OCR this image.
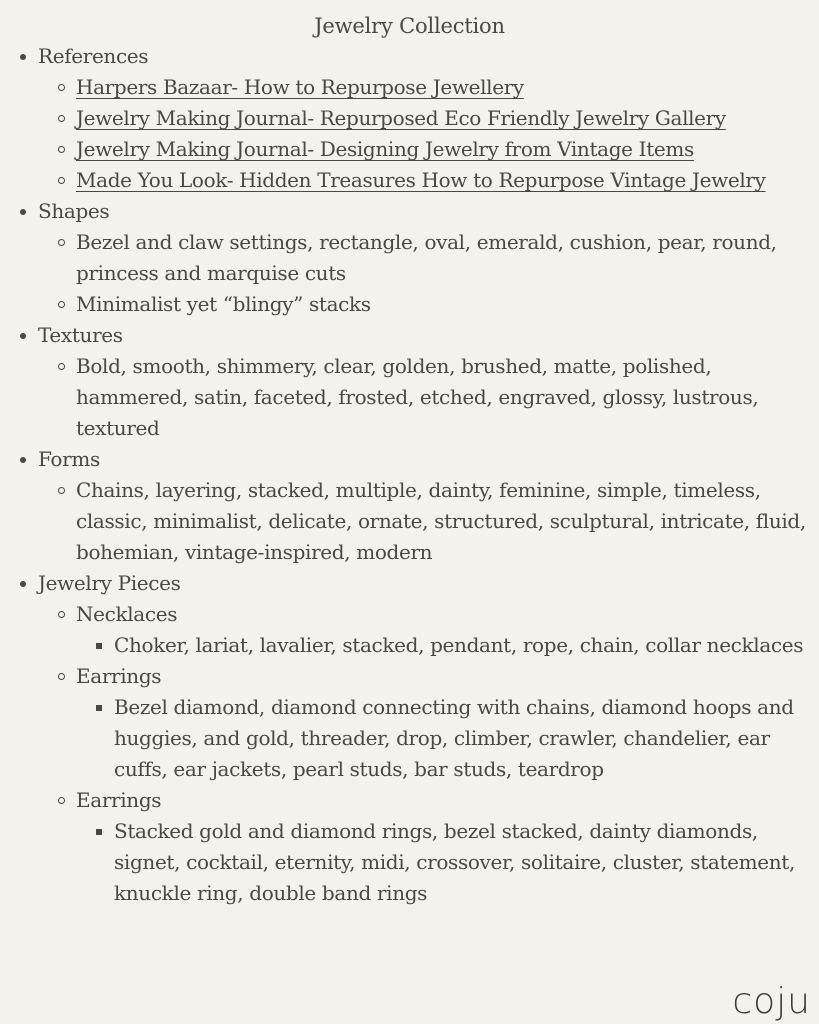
Jewelry Collection
References
Harpers Bazaar- How to Repurpose Jewellery
Jewelry Making Journal- Repurposed Eco Friendly Jewelry Gallery
Jewelry Making Journal- Designing Jewelry from Vintage Items
Made You Look- Hidden Treasures How to Repurpose Vintage Jewelry
Shapes
Bezel and claw settings, rectangle, oval, emerald, cushion, pear, round, princess and marquise cuts
Minimalist yet “blingy” stacks
Textures
Bold, smooth, shimmery, clear, golden, brushed, matte, polished, hammered, satin, faceted, frosted, etched, engraved, glossy, lustrous, textured
Forms
Chains, layering, stacked, multiple, dainty, feminine, simple, timeless, classic, minimalist, delicate, ornate, structured, sculptural, intricate, fluid, bohemian, vintage-inspired, modern
Jewelry Pieces
Necklaces
Choker, lariat, lavalier, stacked, pendant, rope, chain, collar necklaces
Earrings
Bezel diamond, diamond connecting with chains, diamond hoops and huggies, and gold, threader, drop, climber, crawler, chandelier, ear cuffs, ear jackets, pearl studs, bar studs, teardrop
Earrings
Stacked gold and diamond rings, bezel stacked, dainty diamonds, signet, cocktail, eternity, midi, crossover, solitaire, cluster, statement, knuckle ring, double band rings
coju
